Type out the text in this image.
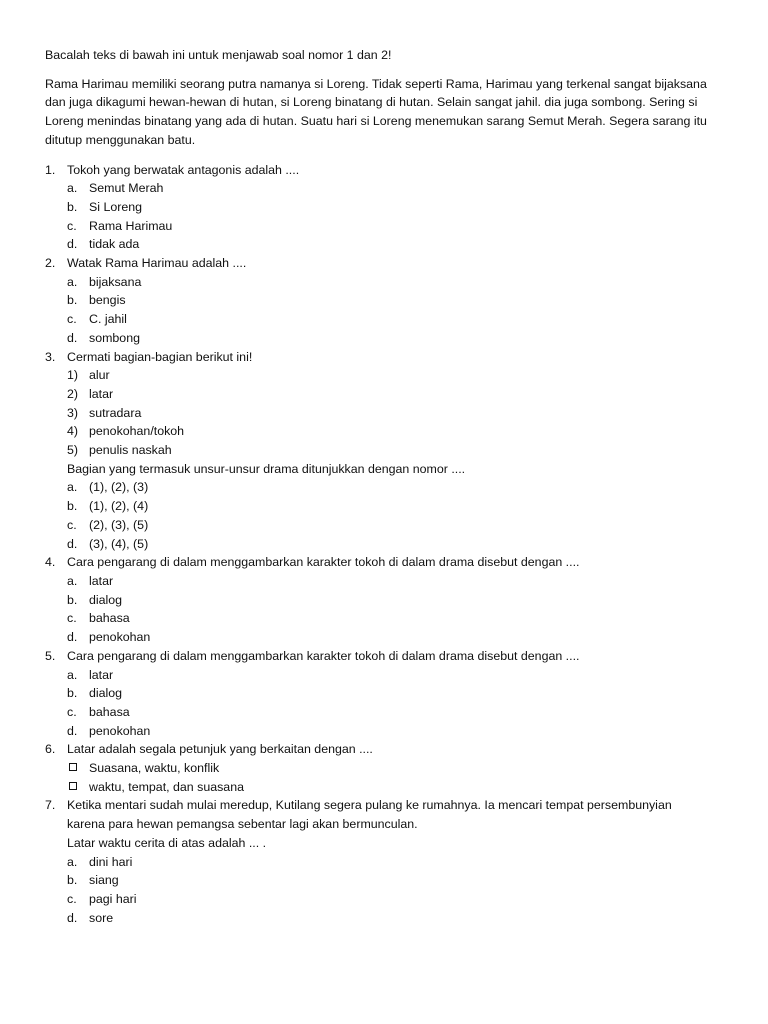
Bacalah teks di bawah ini untuk menjawab soal nomor 1 dan 2!
Rama Harimau memiliki seorang putra namanya si Loreng. Tidak seperti Rama, Harimau yang terkenal sangat bijaksana
dan juga dikagumi hewan-hewan di hutan, si Loreng binatang di hutan. Selain sangat jahil. dia juga sombong. Sering si
Loreng menindas binatang yang ada di hutan. Suatu hari si Loreng menemukan sarang Semut Merah. Segera sarang itu
ditutup menggunakan batu.
1. Tokoh yang berwatak antagonis adalah ....
a. Semut Merah
b. Si Loreng
c. Rama Harimau
d. tidak ada
2. Watak Rama Harimau adalah ....
a. bijaksana
b. bengis
c. C. jahil
d. sombong
3. Cermati bagian-bagian berikut ini!
1) alur
2) latar
3) sutradara
4) penokohan/tokoh
5) penulis naskah
Bagian yang termasuk unsur-unsur drama ditunjukkan dengan nomor ....
a. (1), (2), (3)
b. (1), (2), (4)
c. (2), (3), (5)
d. (3), (4), (5)
4. Cara pengarang di dalam menggambarkan karakter tokoh di dalam drama disebut dengan ....
a. latar
b. dialog
c. bahasa
d. penokohan
5. Cara pengarang di dalam menggambarkan karakter tokoh di dalam drama disebut dengan ....
a. latar
b. dialog
c. bahasa
d. penokohan
6. Latar adalah segala petunjuk yang berkaitan dengan ....
Suasana, waktu, konflik
waktu, tempat, dan suasana
7. Ketika mentari sudah mulai meredup, Kutilang segera pulang ke rumahnya. Ia mencari tempat persembunyian
karena para hewan pemangsa sebentar lagi akan bermunculan.
Latar waktu cerita di atas adalah ... .
a. dini hari
b. siang
c. pagi hari
d. sore
